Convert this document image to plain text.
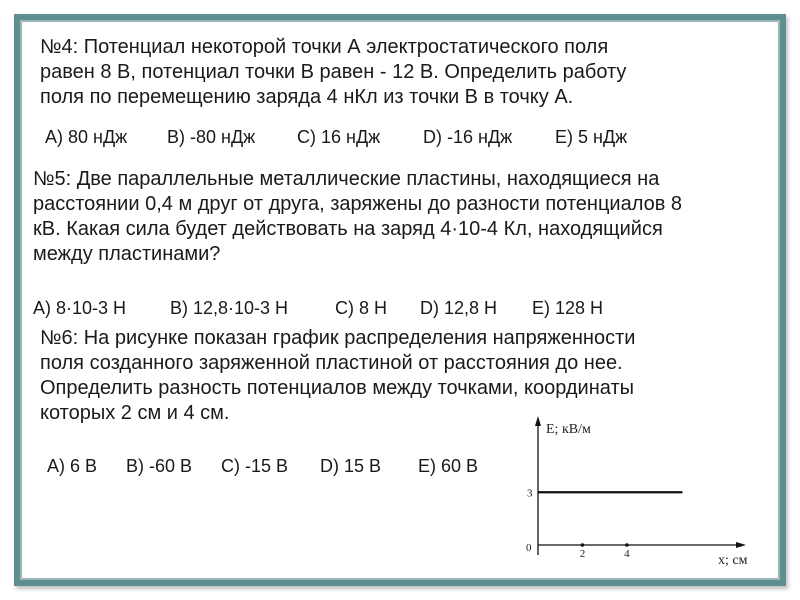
№4: Потенциал некоторой точки А электростатического поля
равен 8 В, потенциал точки В равен - 12 В. Определить работу
поля по перемещению заряда 4 нКл из точки В в точку А.
А) 80 нДж В) -80 нДж С) 16 нДж D) -16 нДж Е) 5 нДж
№5: Две параллельные металлические пластины, находящиеся на
расстоянии 0,4 м друг от друга, заряжены до разности потенциалов 8
кВ. Какая сила будет действовать на заряд 4·10-4 Кл, находящийся
между пластинами?
А) 8·10-3 Н В) 12,8·10-3 Н	С) 8 Н D) 12,8 Н Е) 128 Н
№6: На рисунке показан график распределения напряженности
поля созданного заряженной пластиной от расстояния до нее.
Определить разность потенциалов между точками, координаты
которых 2 см и 4 см.
А) 6 В В) -60 В С) -15 В D) 15 В Е) 60 В
E; кВ/м
x; см
0	2	4
3
